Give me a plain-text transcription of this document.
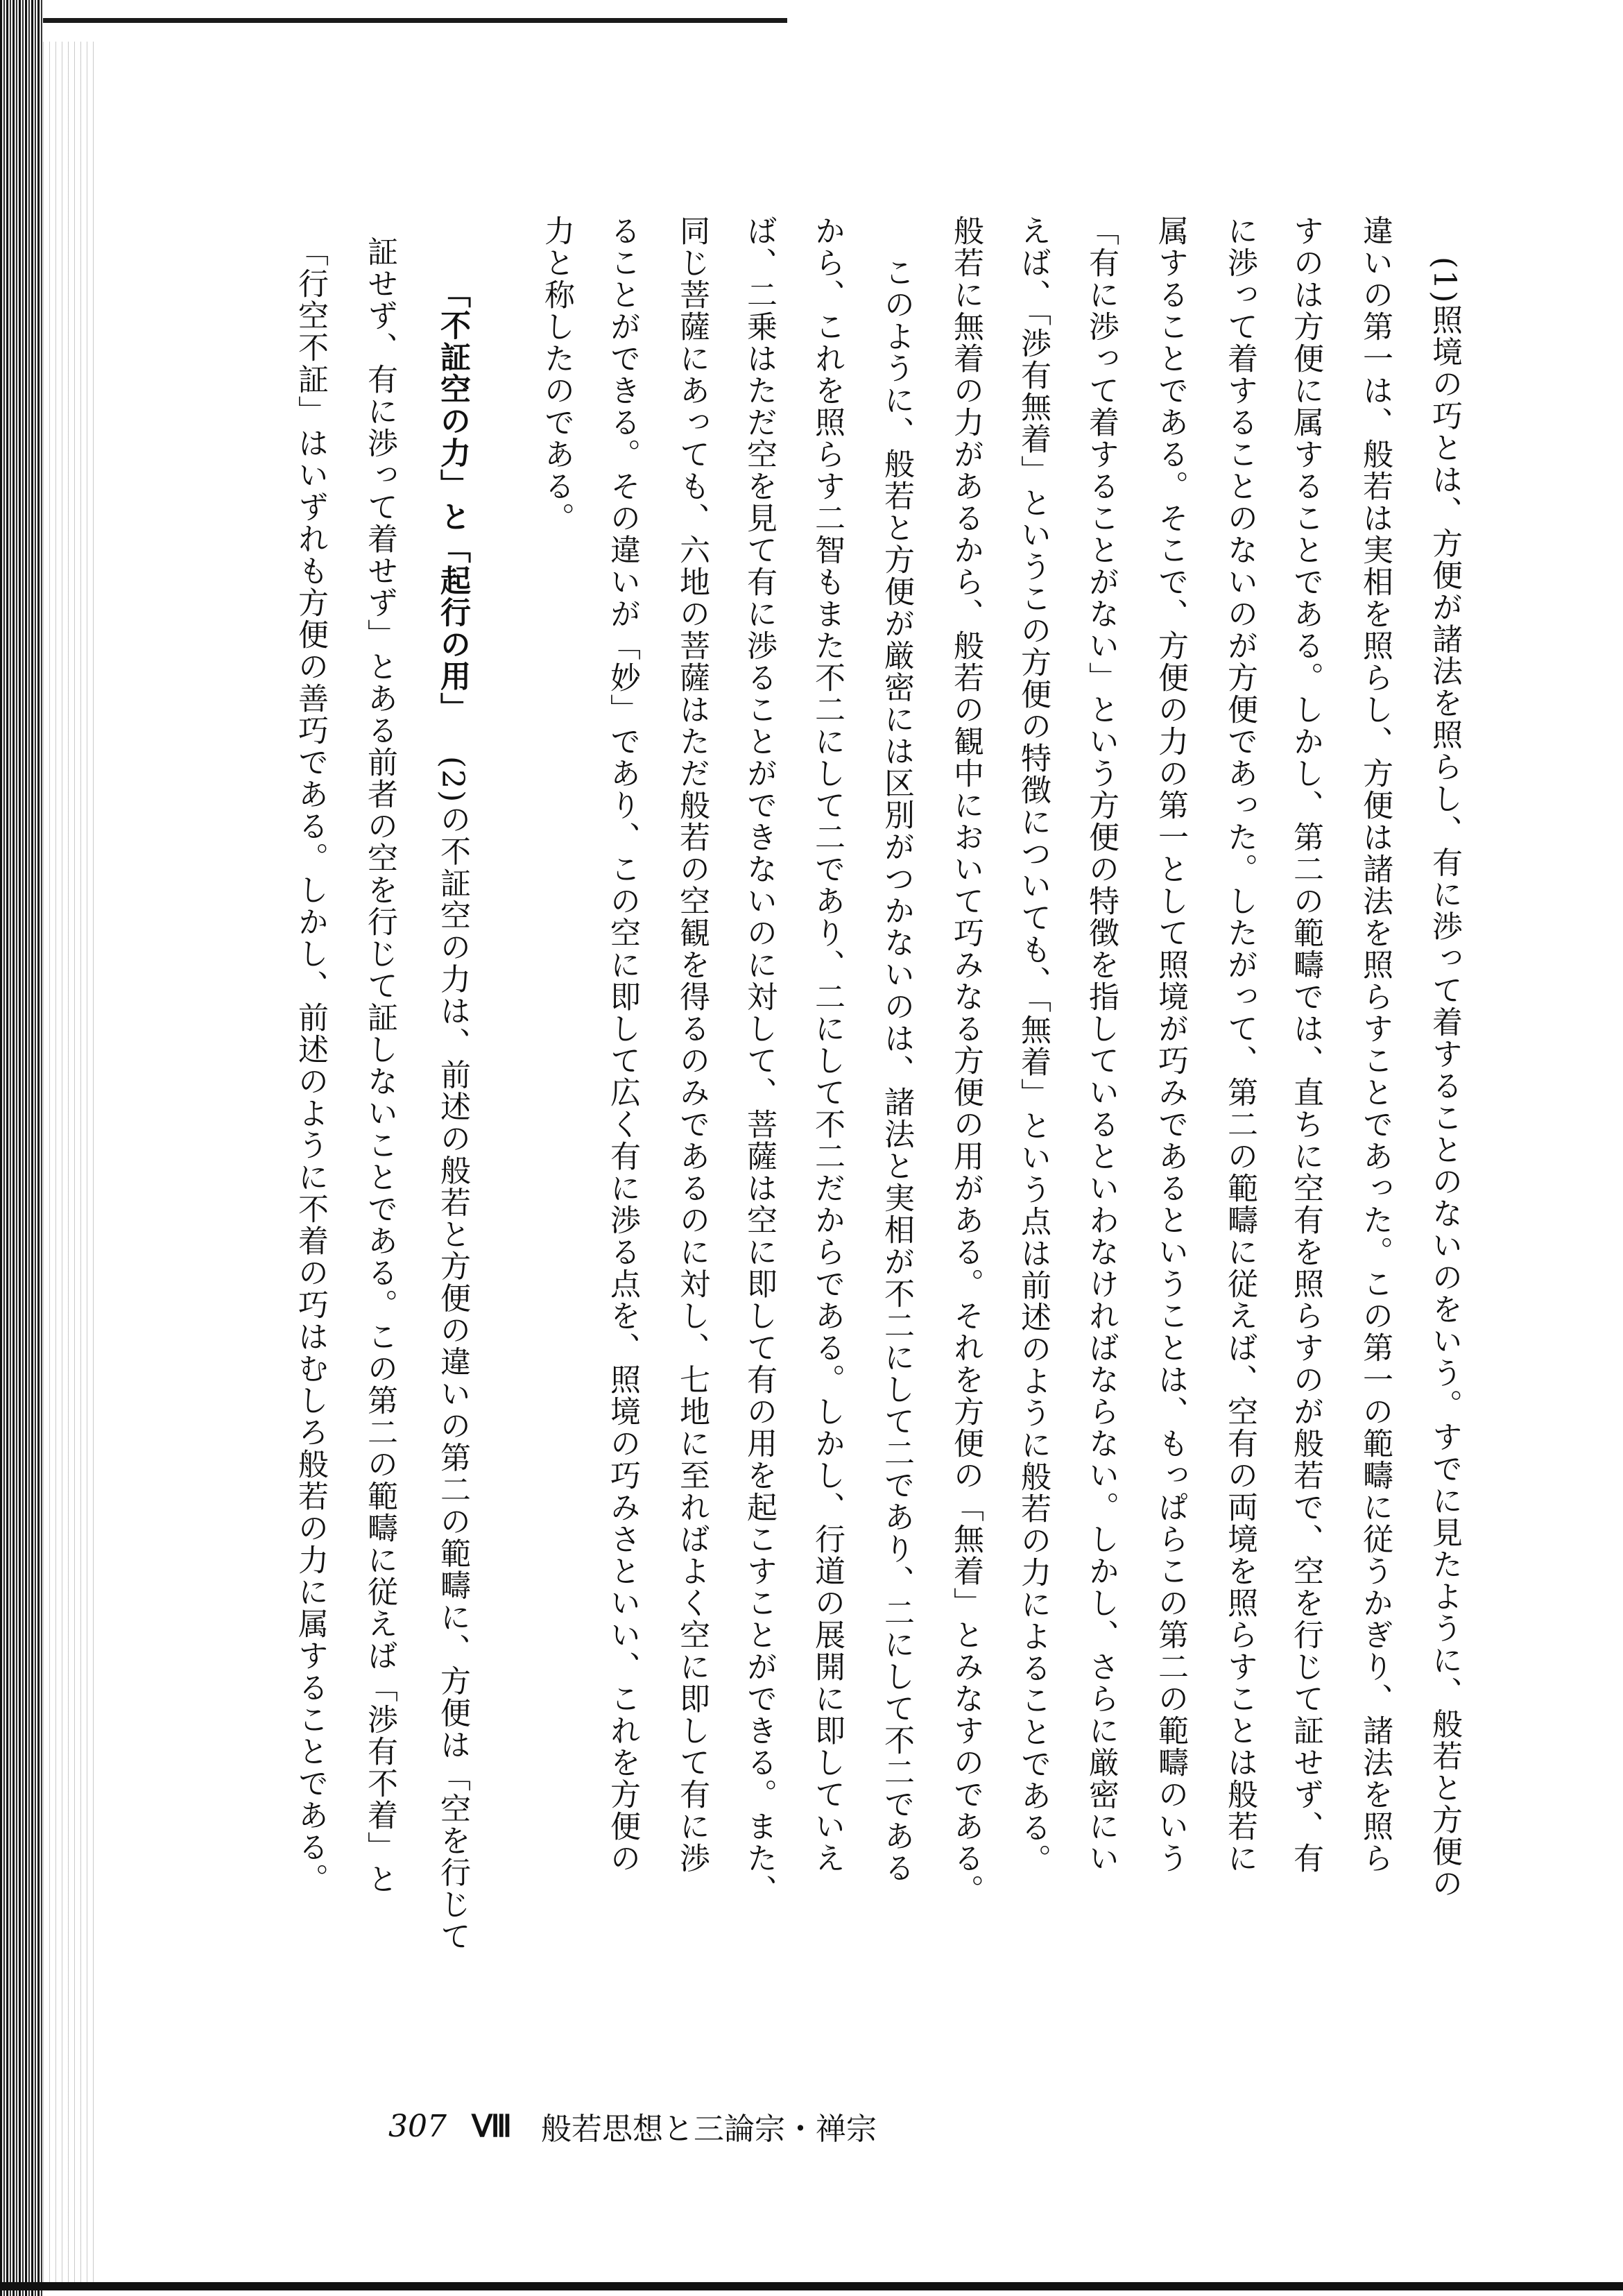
(1)照境の巧とは、方便が諸法を照らし、有に渉って着することのないのをいう。すでに見たように、般若と方便の

違いの第一は、般若は実相を照らし、方便は諸法を照らすことであった。この第一の範疇に従うかぎり、諸法を照ら

すのは方便に属することである。しかし、第二の範疇では、直ちに空有を照らすのが般若で、空を行じて証せず、有

に渉って着することのないのが方便であった。したがって、第二の範疇に従えば、空有の両境を照らすことは般若に

属することである。そこで、方便の力の第一として照境が巧みであるということは、もっぱらこの第二の範疇のいう

「有に渉って着することがない」という方便の特徴を指しているといわなければならない。しかし、さらに厳密にい

えば、「渉有無着」というこの方便の特徴についても、「無着」という点は前述のように般若の力によることである。

般若に無着の力があるから、般若の観中において巧みなる方便の用がある。それを方便の「無着」とみなすのである。

このように、般若と方便が厳密には区別がつかないのは、諸法と実相が不二にして二であり、二にして不二である

から、これを照らす二智もまた不二にして二であり、二にして不二だからである。しかし、行道の展開に即していえ

ば、二乗はただ空を見て有に渉ることができないのに対して、菩薩は空に即して有の用を起こすことができる。また、

同じ菩薩にあっても、六地の菩薩はただ般若の空観を得るのみであるのに対し、七地に至ればよく空に即して有に渉

ることができる。その違いが「妙」であり、この空に即して広く有に渉る点を、照境の巧みさといい、これを方便の

力と称したのである。

「不証空の力」と「起行の用」

(2)の不証空の力は、前述の般若と方便の違いの第二の範疇に、方便は「空を行じて

証せず、有に渉って着せず」とある前者の空を行じて証しないことである。この第二の範疇に従えば「渉有不着」と

「行空不証」はいずれも方便の善巧である。しかし、前述のように不着の巧はむしろ般若の力に属することである。

307 Ⅷ 般若思想と三論宗・禅宗
